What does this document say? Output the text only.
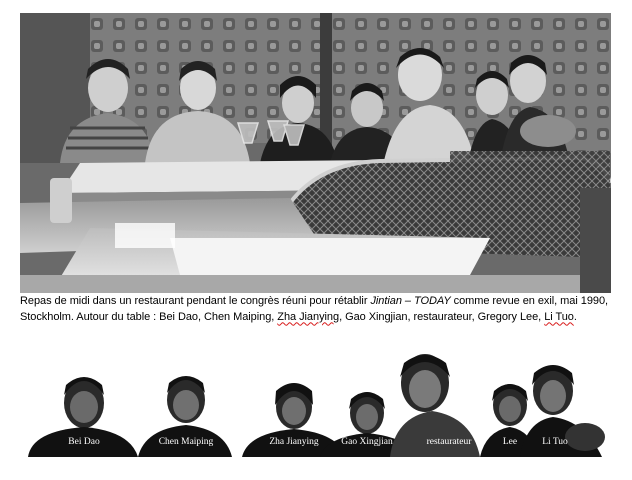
Repas de midi dans un restaurant pendant le congrès réuni pour rétablir Jintian – TODAY comme revue en exil, mai 1990, Stockholm. Autour du table : Bei Dao, Chen Maiping, Zha Jianying, Gao Xingjian, restaurateur, Gregory Lee, Li Tuo.
Bei Dao	Chen Maiping	Zha Jianying Gao Xingjian	restaurateur	Lee	Li Tuo
